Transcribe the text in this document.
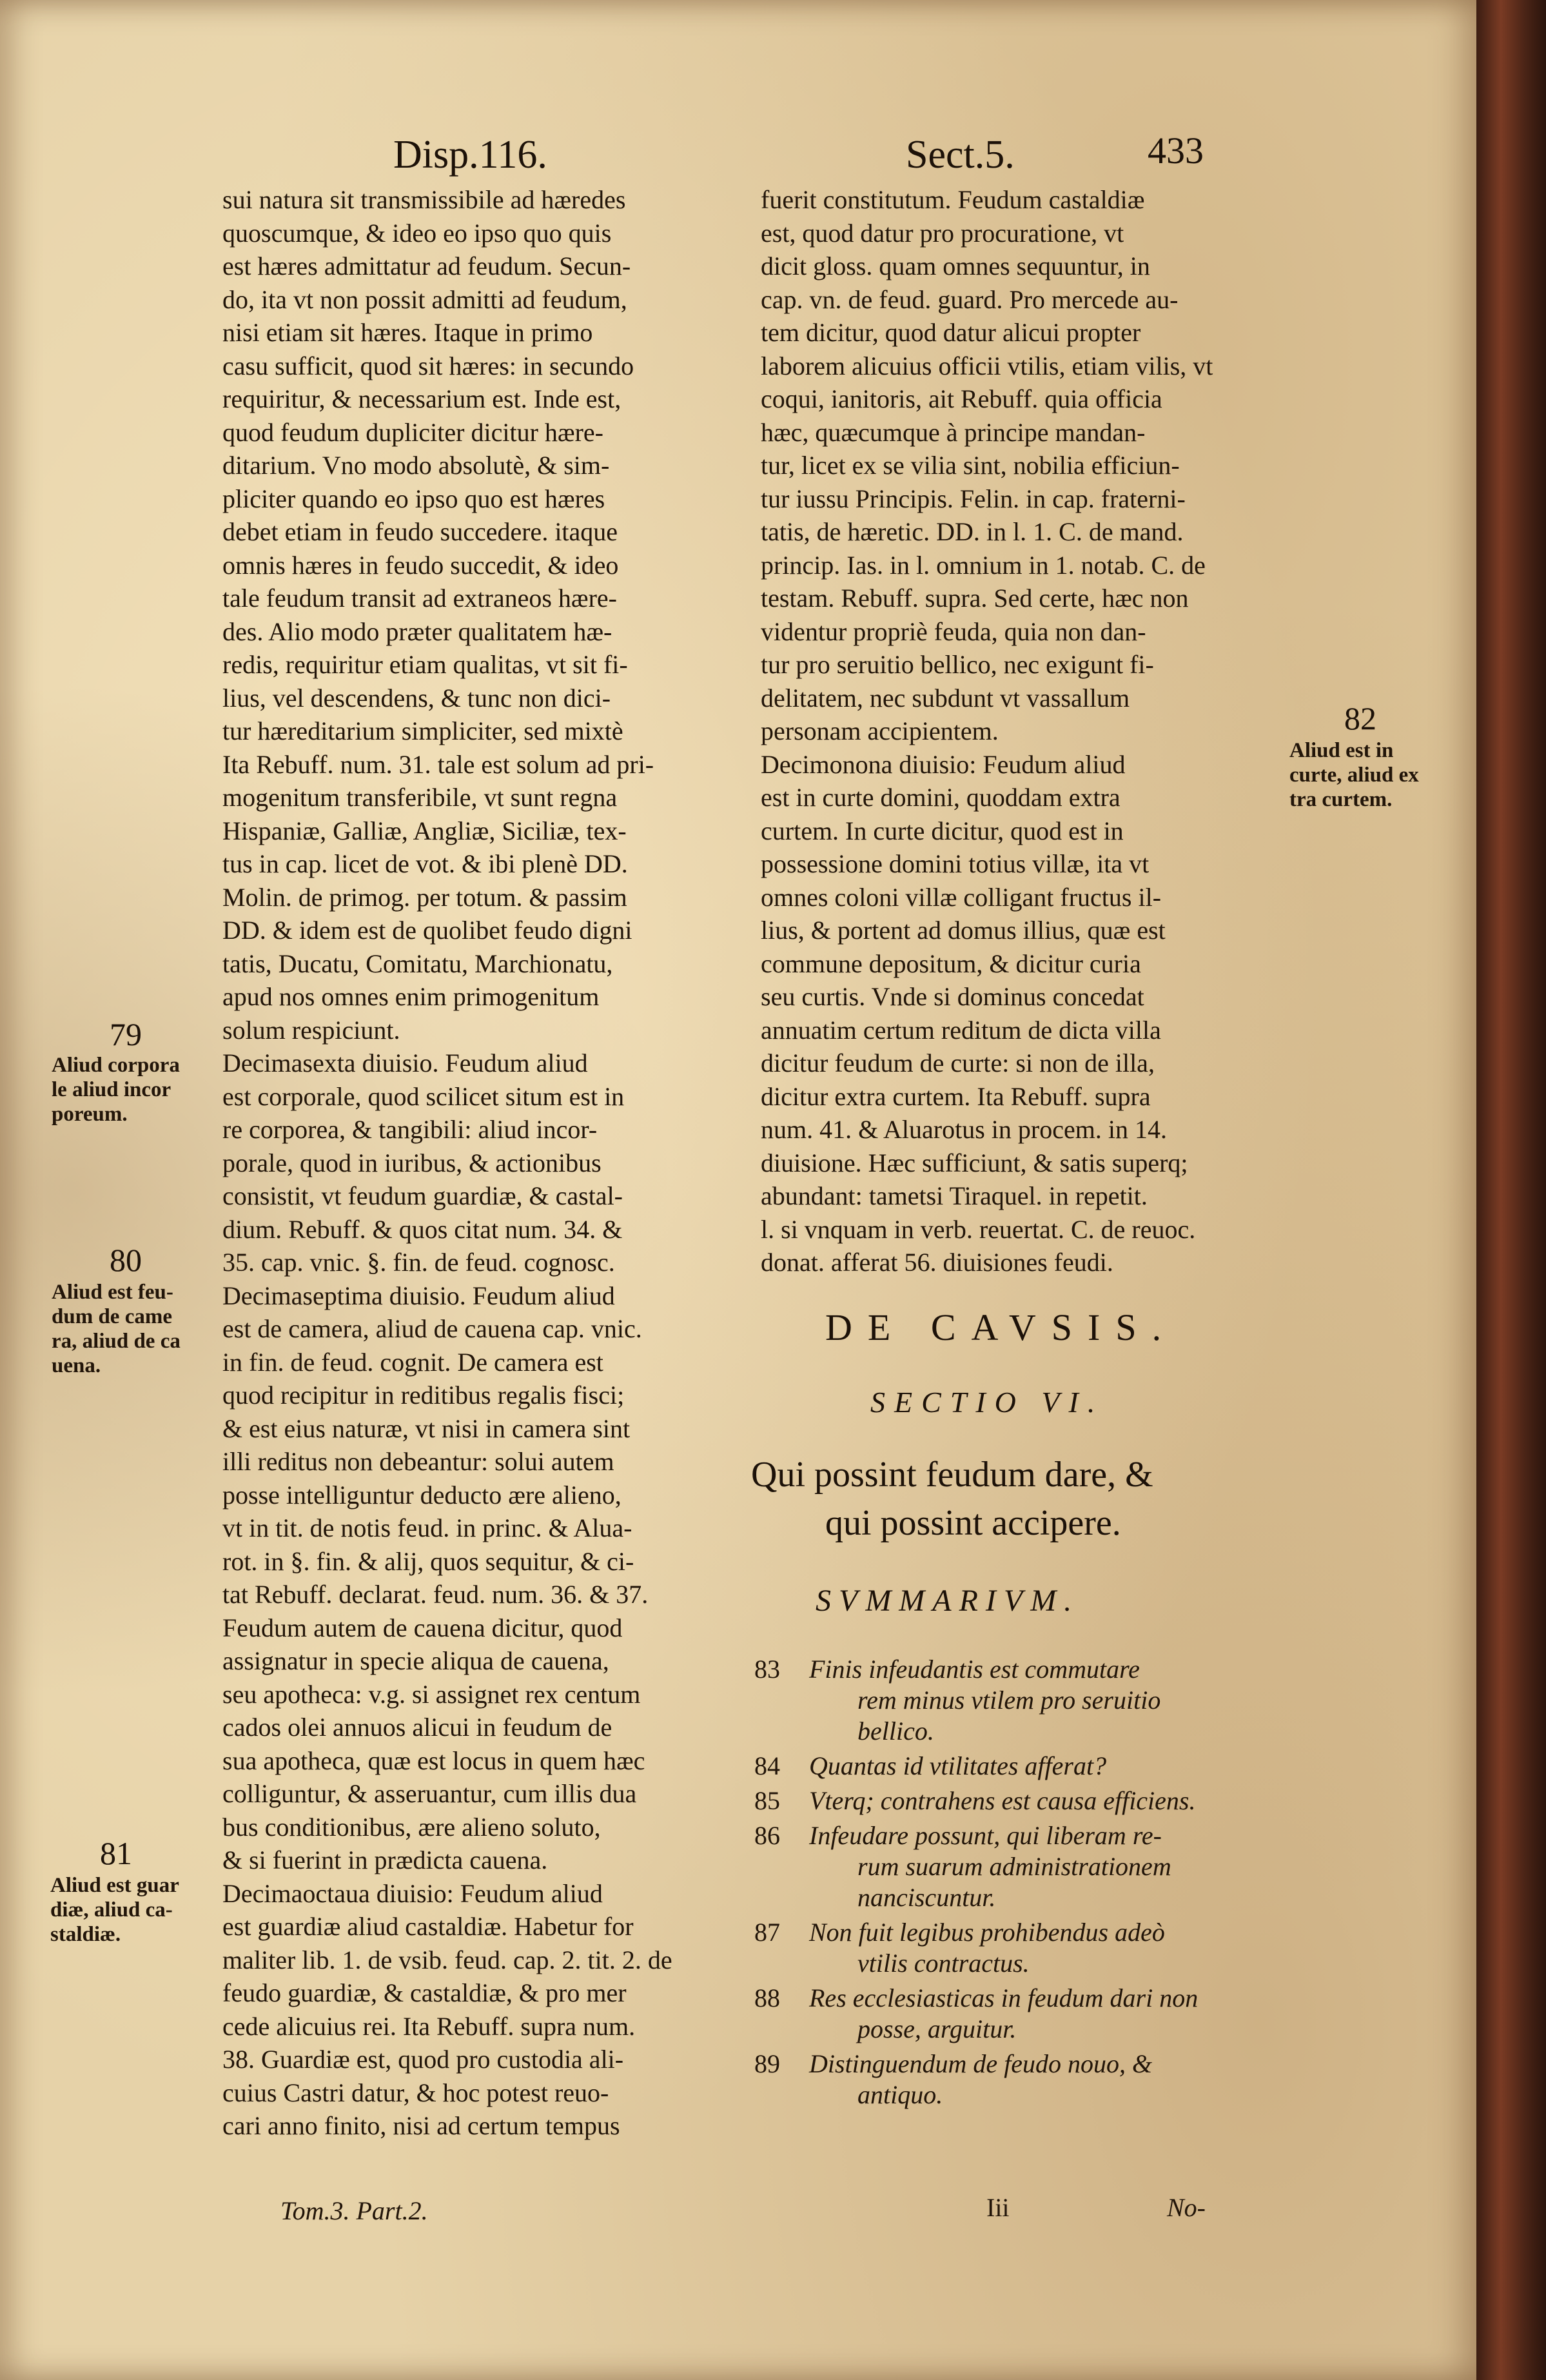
Disp.116.	Sect.5.	433
sui natura sit transmissibile ad hæredes
quoscumque, & ideo eo ipso quo quis
est hæres admittatur ad feudum. Secun-
do, ita vt non possit admitti ad feudum,
nisi etiam sit hæres. Itaque in primo
casu sufficit, quod sit hæres: in secundo
requiritur, & necessarium est. Inde est,
quod feudum dupliciter dicitur hære-
ditarium. Vno modo absolutè, & sim-
pliciter quando eo ipso quo est hæres
debet etiam in feudo succedere. itaque
omnis hæres in feudo succedit, & ideo
tale feudum transit ad extraneos hære-
des. Alio modo præter qualitatem hæ-
redis, requiritur etiam qualitas, vt sit fi-
lius, vel descendens, & tunc non dici-
tur hæreditarium simpliciter, sed mixtè
Ita Rebuff. num. 31. tale est solum ad pri-
mogenitum transferibile, vt sunt regna
Hispaniæ, Galliæ, Angliæ, Siciliæ, tex-
tus in cap. licet de vot. & ibi plenè DD.
Molin. de primog. per totum. & passim
DD. & idem est de quolibet feudo digni
tatis, Ducatu, Comitatu, Marchionatu,
apud nos omnes enim primogenitum
solum respiciunt.
Decimasexta diuisio. Feudum aliud
est corporale, quod scilicet situm est in
re corporea, & tangibili: aliud incor-
porale, quod in iuribus, & actionibus
consistit, vt feudum guardiæ, & castal-
dium. Rebuff. & quos citat num. 34. &
35. cap. vnic. §. fin. de feud. cognosc.
Decimaseptima diuisio. Feudum aliud
est de camera, aliud de cauena cap. vnic.
in fin. de feud. cognit. De camera est
quod recipitur in reditibus regalis fisci;
& est eius naturæ, vt nisi in camera sint
illi reditus non debeantur: solui autem
posse intelliguntur deducto ære alieno,
vt in tit. de notis feud. in princ. & Alua-
rot. in §. fin. & alij, quos sequitur, & ci-
tat Rebuff. declarat. feud. num. 36. & 37.
Feudum autem de cauena dicitur, quod
assignatur in specie aliqua de cauena,
seu apotheca: v.g. si assignet rex centum
cados olei annuos alicui in feudum de
sua apotheca, quæ est locus in quem hæc
colliguntur, & asseruantur, cum illis dua
bus conditionibus, ære alieno soluto,
& si fuerint in prædicta cauena.
Decimaoctaua diuisio: Feudum aliud
est guardiæ aliud castaldiæ. Habetur for
maliter lib. 1. de vsib. feud. cap. 2. tit. 2. de
feudo guardiæ, & castaldiæ, & pro mer
cede alicuius rei. Ita Rebuff. supra num.
38. Guardiæ est, quod pro custodia ali-
cuius Castri datur, & hoc potest reuo-
cari anno finito, nisi ad certum tempus
fuerit constitutum. Feudum castaldiæ
est, quod datur pro procuratione, vt
dicit gloss. quam omnes sequuntur, in
cap. vn. de feud. guard. Pro mercede au-
tem dicitur, quod datur alicui propter
laborem alicuius officii vtilis, etiam vilis, vt
coqui, ianitoris, ait Rebuff. quia officia
hæc, quæcumque à principe mandan-
tur, licet ex se vilia sint, nobilia efficiun-
tur iussu Principis. Felin. in cap. fraterni-
tatis, de hæretic. DD. in l. 1. C. de mand.
princip. Ias. in l. omnium in 1. notab. C. de
testam. Rebuff. supra. Sed certe, hæc non
videntur propriè feuda, quia non dan-
tur pro seruitio bellico, nec exigunt fi-
delitatem, nec subdunt vt vassallum
personam accipientem.
Decimonona diuisio: Feudum aliud
est in curte domini, quoddam extra
curtem. In curte dicitur, quod est in
possessione domini totius villæ, ita vt
omnes coloni villæ colligant fructus il-
lius, & portent ad domus illius, quæ est
commune depositum, & dicitur curia
seu curtis. Vnde si dominus concedat
annuatim certum reditum de dicta villa
dicitur feudum de curte: si non de illa,
dicitur extra curtem. Ita Rebuff. supra
num. 41. & Aluarotus in procem. in 14.
diuisione. Hæc sufficiunt, & satis superq;
abundant: tametsi Tiraquel. in repetit.
l. si vnquam in verb. reuertat. C. de reuoc.
donat. afferat 56. diuisiones feudi.
79
Aliud corpora
le aliud incor
poreum.
80
Aliud est feu-
dum de came
ra, aliud de ca
uena.
81
Aliud est guar
diæ, aliud ca-
staldiæ.
82
Aliud est in
curte, aliud ex
tra curtem.
DE CAVSIS.
SECTIO VI.
Qui possint feudum dare, &
qui possint accipere.
SVMMARIVM.
83 Finis infeudantis est commutare
rem minus vtilem pro seruitio
bellico.
84 Quantas id vtilitates afferat?
85 Vterq; contrahens est causa efficiens.
86 Infeudare possunt, qui liberam re-
rum suarum administrationem
nanciscuntur.
87 Non fuit legibus prohibendus adeò
vtilis contractus.
88 Res ecclesiasticas in feudum dari non
posse, arguitur.
89 Distinguendum de feudo nouo, &
antiquo.
Tom.3. Part.2.	Iii	No-
